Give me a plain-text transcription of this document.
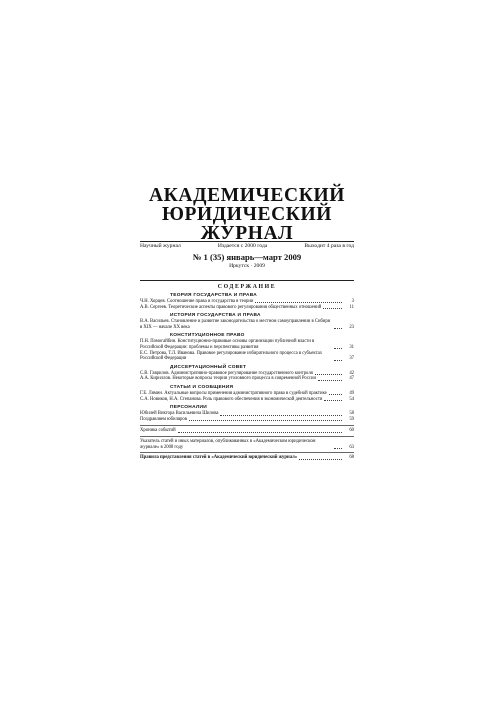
АКАДЕМИЧЕСКИЙ
ЮРИДИЧЕСКИЙ
ЖУРНАЛ
Научный журнал	Издается с 2000 года	Выходит 4 раза в год
№ 1 (35) январь—март 2009
Иркутск · 2009
СОДЕРЖАНИЕ
ТЕОРИЯ ГОСУДАРСТВА И ПРАВА
Ч.Н. Хорцев. Соотношение права и государства в теории	3
А.В. Сергеев. Теоретические аспекты правового регулирования общественных отношений	11
ИСТОРИЯ ГОСУДАРСТВА И ПРАВА
В.А. Васильев. Становление и развитие законодательства о местном самоуправлении в Сибири в XIX — начале XX века	23
КОНСТИТУЦИОННОЕ ПРАВО
П.Н. Помогайбин. Конституционно-правовые основы организации публичной власти в Российской Федерации: проблемы и перспективы развития	31
Е.С. Петрова, Т.Л. Иванова. Правовое регулирование избирательного процесса в субъектах Российской Федерации	37
ДИССЕРТАЦИОННЫЙ СОВЕТ
С.В. Гаврилов. Административно-правовое регулирование государственного контроля	42
А.А. Кириллов. Некоторые вопросы теории уголовного процесса в современной России	47
СТАТЬИ И СООБЩЕНИЯ
Г.Е. Лямин. Актуальные вопросы применения административного права в судебной практике	49
С.А. Новиков, Н.А. Степанова. Роль правового обеспечения в экономической деятельности	54
ПЕРСОНАЛИИ
Юбилей Виктора Васильевича Шилова	58
Поздравляем юбиляров	59
Хроника событий	60
Указатель статей и иных материалов, опубликованных в «Академическом юридическом журнале» в 2008 году	63
Правила представления статей в «Академический юридический журнал»	68
